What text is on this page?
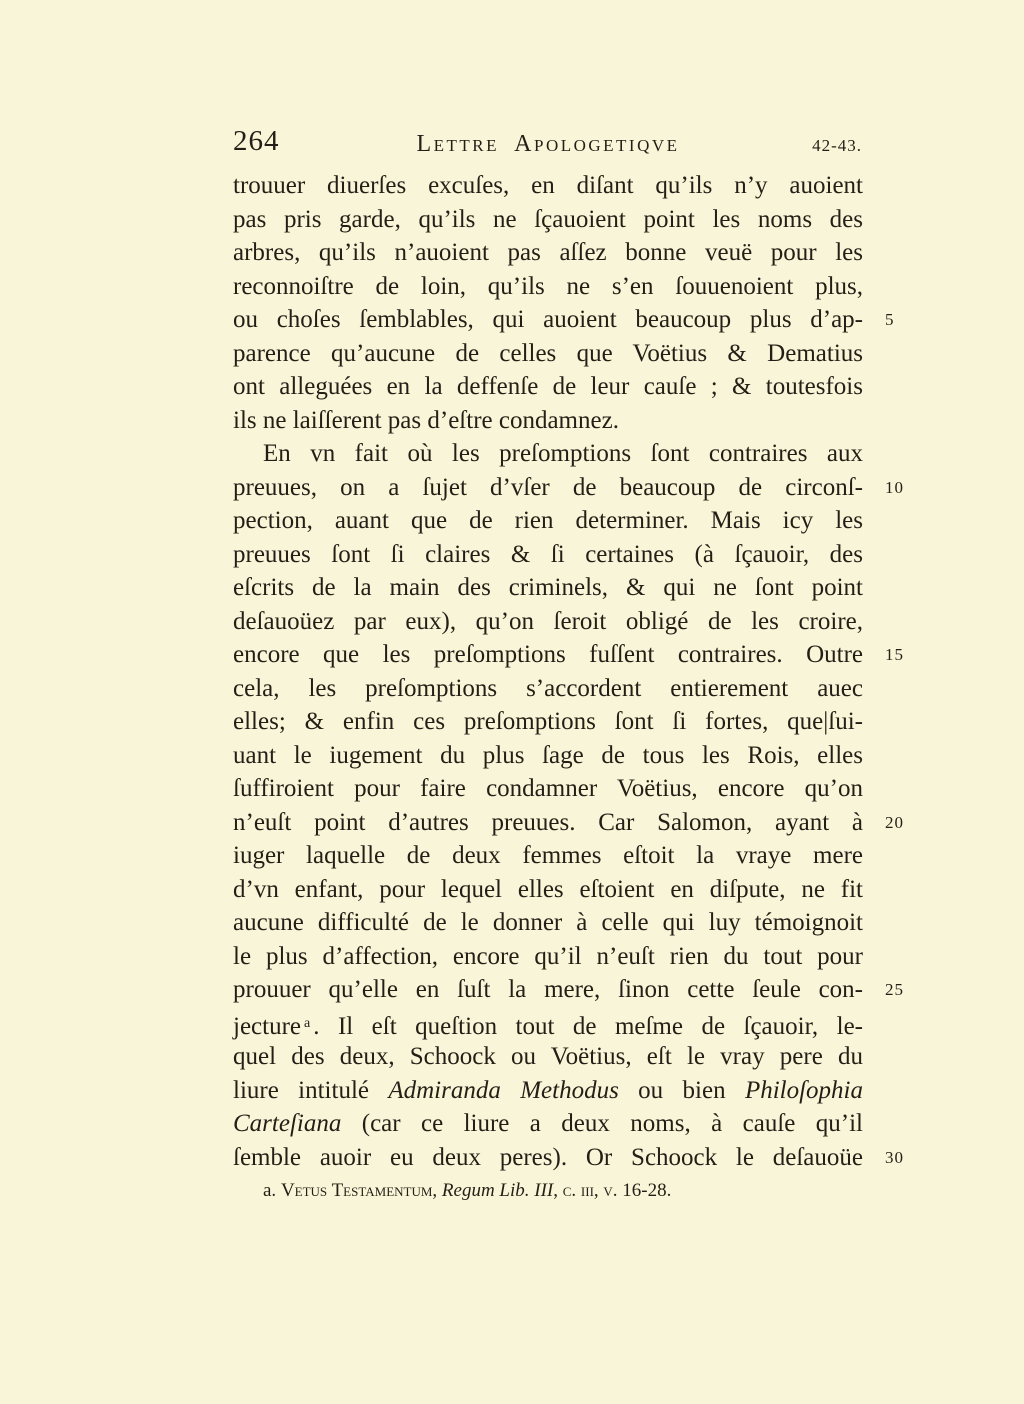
264	Lettre Apologetiqve	42-43.
trouuer diuerſes excuſes, en diſant qu’ils n’y auoient
pas pris garde, qu’ils ne ſçauoient point les noms des
arbres, qu’ils n’auoient pas aſſez bonne veuë pour les
reconnoiſtre de loin, qu’ils ne s’en ſouuenoient plus,
ou choſes ſemblables, qui auoient beaucoup plus d’ap- 5
parence qu’aucune de celles que Voëtius & Dematius
ont alleguées en la deffenſe de leur cauſe ; & toutesfois
ils ne laiſſerent pas d’eſtre condamnez.
En vn fait où les preſomptions ſont contraires aux
preuues, on a ſujet d’vſer de beaucoup de circonſ- 10
pection, auant que de rien determiner. Mais icy les
preuues ſont ſi claires & ſi certaines (à ſçauoir, des
eſcrits de la main des criminels, & qui ne ſont point
deſauoüez par eux), qu’on ſeroit obligé de les croire,
encore que les preſomptions fuſſent contraires. Outre 15
cela, les preſomptions s’accordent entierement auec
elles; & enfin ces preſomptions ſont ſi fortes, que|ſui-
uant le iugement du plus ſage de tous les Rois, elles
ſuffiroient pour faire condamner Voëtius, encore qu’on
n’euſt point d’autres preuues. Car Salomon, ayant à 20
iuger laquelle de deux femmes eſtoit la vraye mere
d’vn enfant, pour lequel elles eſtoient en diſpute, ne fit
aucune difficulté de le donner à celle qui luy témoignoit
le plus d’affection, encore qu’il n’euſt rien du tout pour
prouuer qu’elle en ſuſt la mere, ſinon cette ſeule con- 25
jecture $^a$ . Il eſt queſtion tout de meſme de ſçauoir, le-
quel des deux, Schoock ou Voëtius, eſt le vray pere du
liure intitulé Admiranda Methodus ou bien Philoſophia
Carteſiana (car ce liure a deux noms, à cauſe qu’il
ſemble auoir eu deux peres). Or Schoock le deſauoüe 30
a. Vetus Testamentum, Regum Lib. III, c. iii, v. 16-28.
